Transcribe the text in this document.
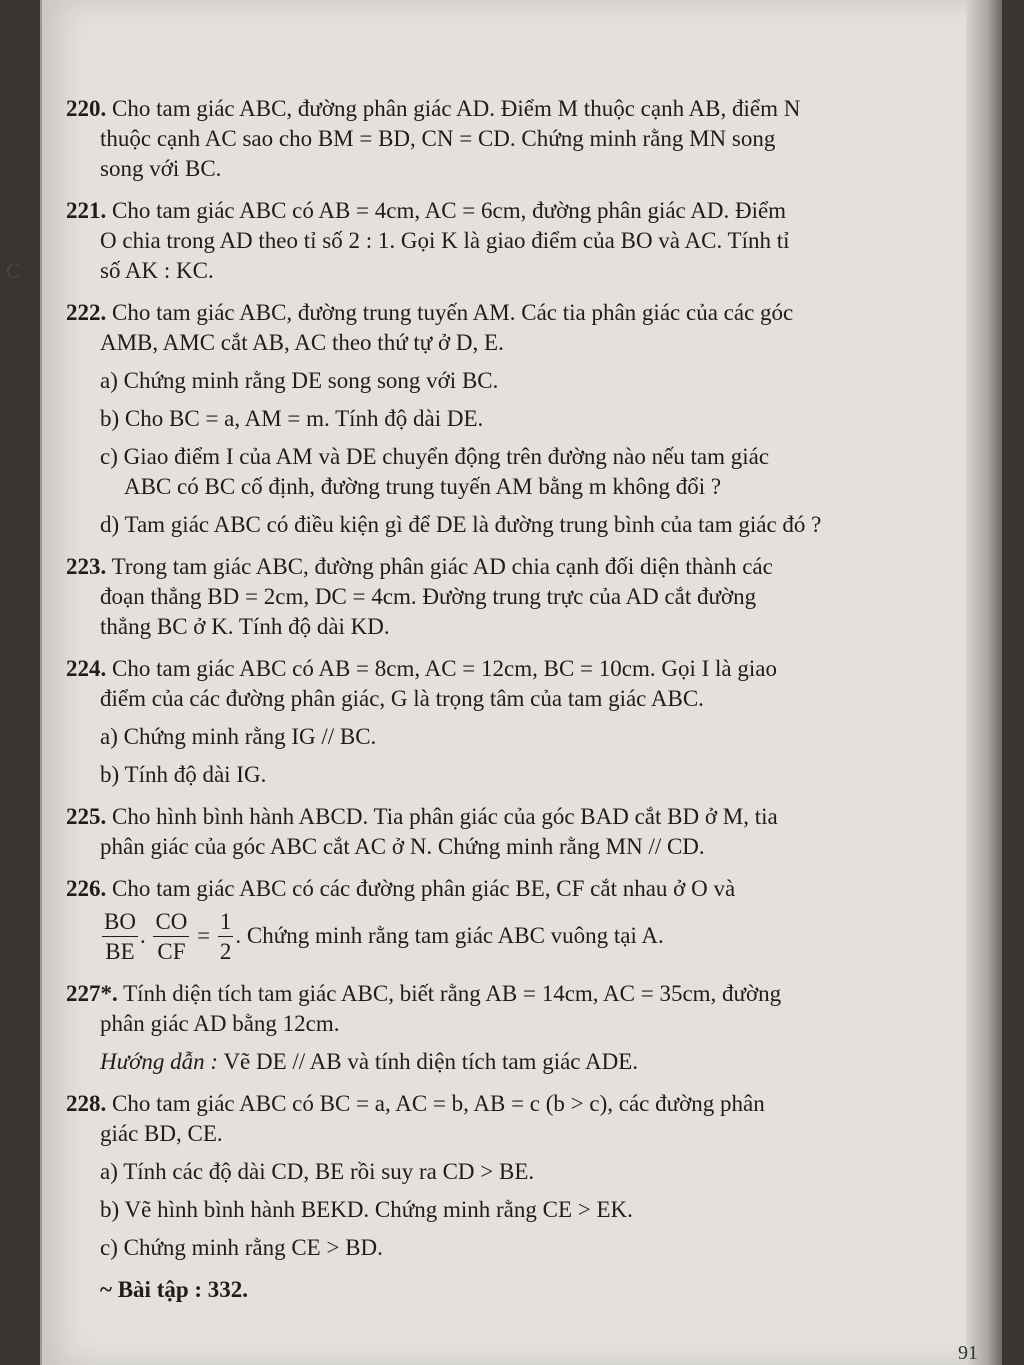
C
220. Cho tam giác ABC, đường phân giác AD. Điểm M thuộc cạnh AB, điểm N
thuộc cạnh AC sao cho BM = BD, CN = CD. Chứng minh rằng MN song
song với BC.
221. Cho tam giác ABC có AB = 4cm, AC = 6cm, đường phân giác AD. Điểm
O chia trong AD theo tỉ số 2 : 1. Gọi K là giao điểm của BO và AC. Tính tỉ
số AK : KC.
222. Cho tam giác ABC, đường trung tuyến AM. Các tia phân giác của các góc
AMB, AMC cắt AB, AC theo thứ tự ở D, E.
a) Chứng minh rằng DE song song với BC.
b) Cho BC = a, AM = m. Tính độ dài DE.
c) Giao điểm I của AM và DE chuyển động trên đường nào nếu tam giác
ABC có BC cố định, đường trung tuyến AM bằng m không đổi ?
d) Tam giác ABC có điều kiện gì để DE là đường trung bình của tam giác đó ?
223. Trong tam giác ABC, đường phân giác AD chia cạnh đối diện thành các
đoạn thẳng BD = 2cm, DC = 4cm. Đường trung trực của AD cắt đường
thẳng BC ở K. Tính độ dài KD.
224. Cho tam giác ABC có AB = 8cm, AC = 12cm, BC = 10cm. Gọi I là giao
điểm của các đường phân giác, G là trọng tâm của tam giác ABC.
a) Chứng minh rằng IG // BC.
b) Tính độ dài IG.
225. Cho hình bình hành ABCD. Tia phân giác của góc BAD cắt BD ở M, tia
phân giác của góc ABC cắt AC ở N. Chứng minh rằng MN // CD.
226. Cho tam giác ABC có các đường phân giác BE, CF cắt nhau ở O và
$\frac{BO}{BE}$ . $\frac{CO}{CF} = \frac{1}{2}$ . Chứng minh rằng tam giác ABC vuông tại A.
227*. Tính diện tích tam giác ABC, biết rằng AB = 14cm, AC = 35cm, đường
phân giác AD bằng 12cm.
Hướng dẫn : Vẽ DE // AB và tính diện tích tam giác ADE.
228. Cho tam giác ABC có BC = a, AC = b, AB = c (b > c), các đường phân
giác BD, CE.
a) Tính các độ dài CD, BE rồi suy ra CD > BE.
b) Vẽ hình bình hành BEKD. Chứng minh rằng CE > EK.
c) Chứng minh rằng CE > BD.
~ Bài tập : 332.
91
